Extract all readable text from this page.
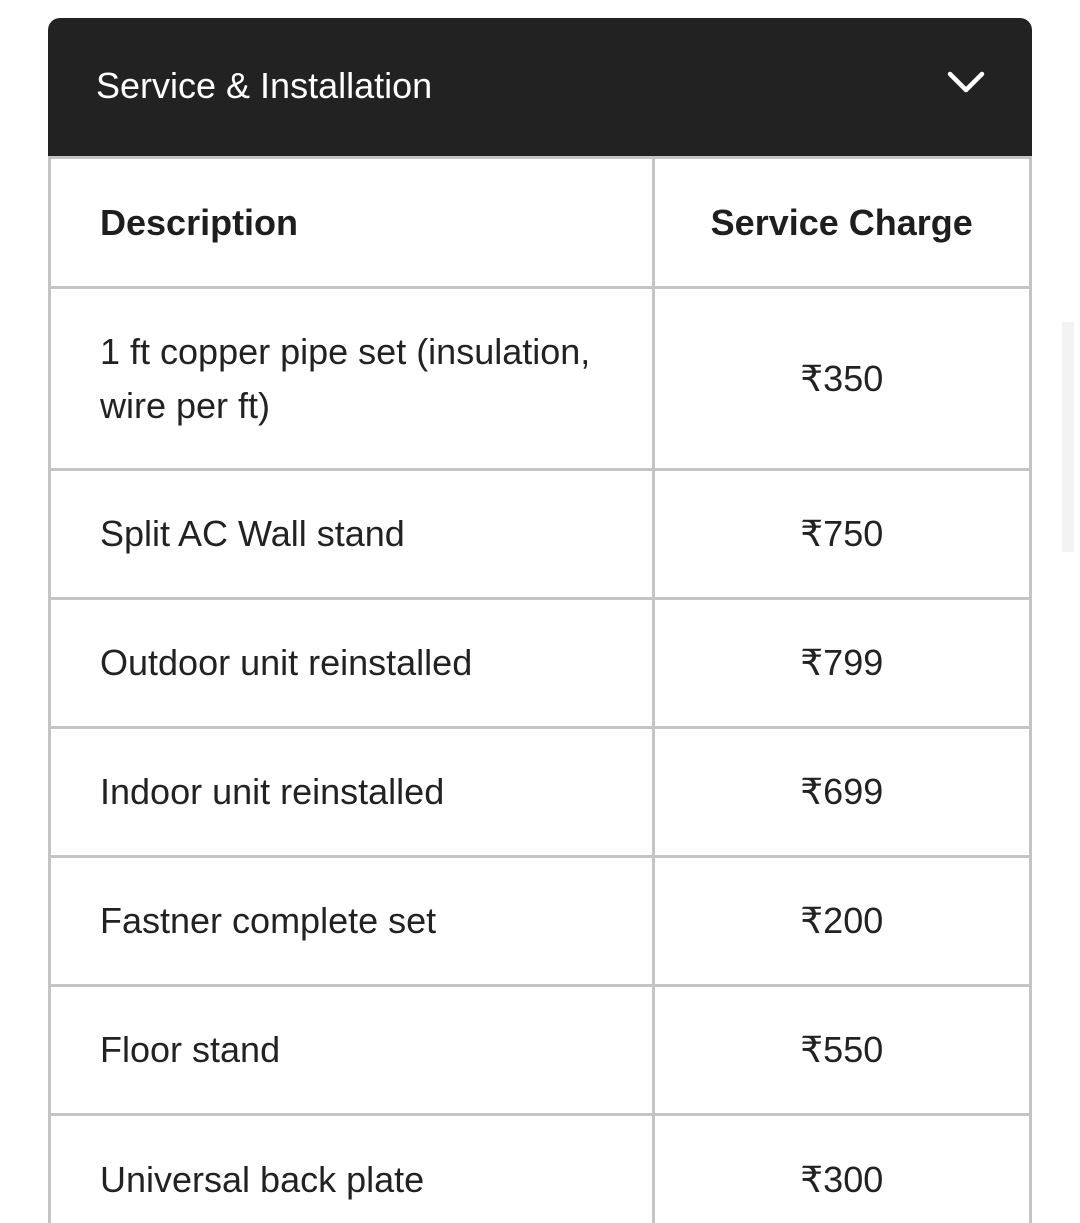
Service & Installation
Description	Service Charge
1 ft copper pipe set (insulation, wire per ft)	₹350
Split AC Wall stand	₹750
Outdoor unit reinstalled	₹799
Indoor unit reinstalled	₹699
Fastner complete set	₹200
Floor stand	₹550
Universal back plate	₹300
